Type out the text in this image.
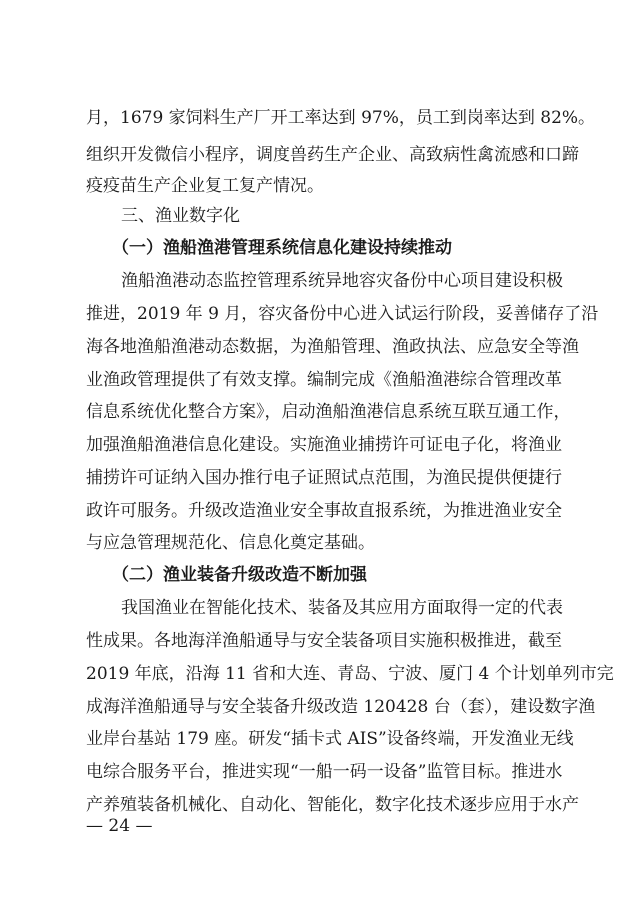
月，1679 家饲料生产厂开工率达到 97%，员工到岗率达到 82%。
组织开发微信小程序，调度兽药生产企业、高致病性禽流感和口蹄
疫疫苗生产企业复工复产情况。
三、渔业数字化
（一）渔船渔港管理系统信息化建设持续推动
渔船渔港动态监控管理系统异地容灾备份中心项目建设积极
推进，2019 年 9 月，容灾备份中心进入试运行阶段，妥善储存了沿
海各地渔船渔港动态数据，为渔船管理、渔政执法、应急安全等渔
业渔政管理提供了有效支撑。编制完成《渔船渔港综合管理改革
信息系统优化整合方案》，启动渔船渔港信息系统互联互通工作，
加强渔船渔港信息化建设。实施渔业捕捞许可证电子化，将渔业
捕捞许可证纳入国办推行电子证照试点范围，为渔民提供便捷行
政许可服务。升级改造渔业安全事故直报系统，为推进渔业安全
与应急管理规范化、信息化奠定基础。
（二）渔业装备升级改造不断加强
我国渔业在智能化技术、装备及其应用方面取得一定的代表
性成果。各地海洋渔船通导与安全装备项目实施积极推进，截至
2019 年底，沿海 11 省和大连、青岛、宁波、厦门 4 个计划单列市完
成海洋渔船通导与安全装备升级改造 120428 台（套），建设数字渔
业岸台基站 179 座。研发“插卡式 AIS”设备终端，开发渔业无线
电综合服务平台，推进实现“一船一码一设备”监管目标。推进水
产养殖装备机械化、自动化、智能化，数字化技术逐步应用于水产
— 24 —
